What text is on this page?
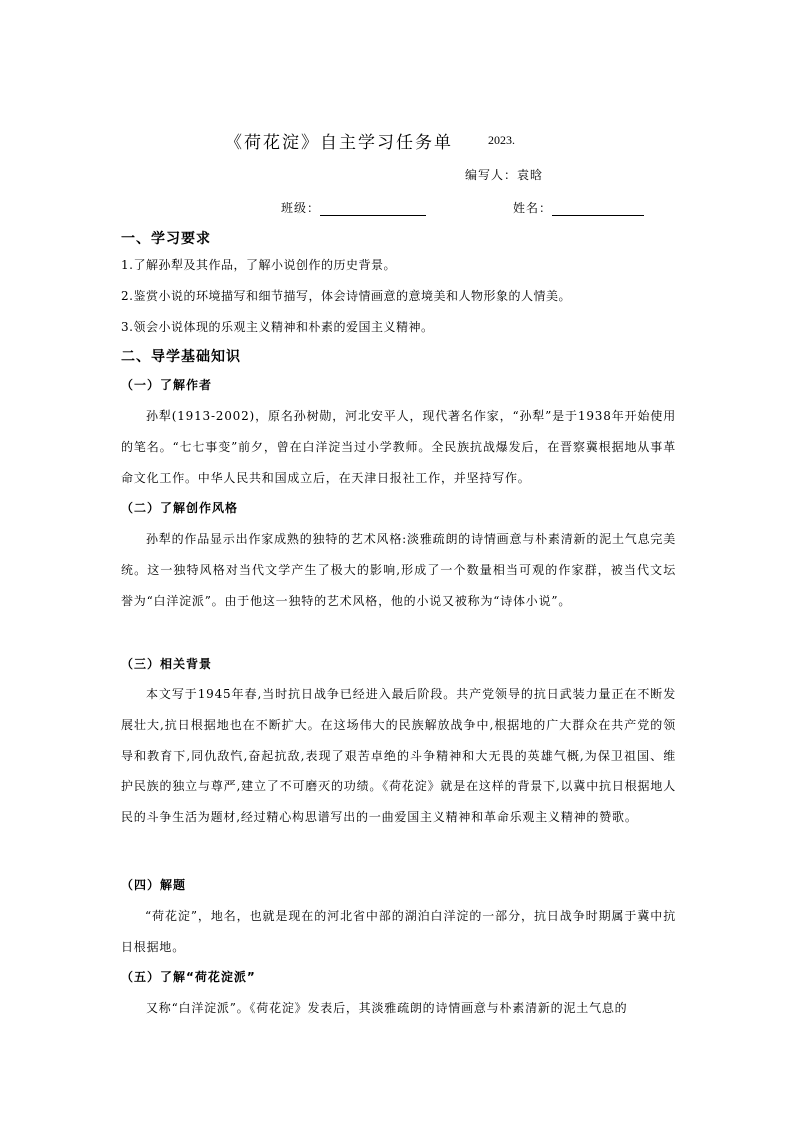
《荷花淀》自主学习任务单	2023.
编写人：袁晗
班级：	姓名：
一、学习要求
1.了解孙犁及其作品，了解小说创作的历史背景。
2.鉴赏小说的环境描写和细节描写，体会诗情画意的意境美和人物形象的人情美。
3.领会小说体现的乐观主义精神和朴素的爱国主义精神。
二、导学基础知识
（一）了解作者
孙犁(1913-2002)，原名孙树勋，河北安平人，现代著名作家，“孙犁”是于1938年开始使用的笔名。“七七事变”前夕，曾在白洋淀当过小学教师。全民族抗战爆发后，在晋察冀根据地从事革命文化工作。中华人民共和国成立后，在天津日报社工作，并坚持写作。
（二）了解创作风格
孙犁的作品显示出作家成熟的独特的艺术风格:淡雅疏朗的诗情画意与朴素清新的泥土气息完美统。这一独特风格对当代文学产生了极大的影响,形成了一个数量相当可观的作家群，被当代文坛誉为“白洋淀派”。由于他这一独特的艺术风格，他的小说又被称为“诗体小说”。
（三）相关背景
本文写于1945年春,当时抗日战争已经进入最后阶段。共产党领导的抗日武装力量正在不断发展壮大,抗日根据地也在不断扩大。在这场伟大的民族解放战争中,根据地的广大群众在共产党的领导和教育下,同仇敌忾,奋起抗敌,表现了艰苦卓绝的斗争精神和大无畏的英雄气概,为保卫祖国、维护民族的独立与尊严,建立了不可磨灭的功绩。《荷花淀》就是在这样的背景下,以冀中抗日根据地人民的斗争生活为题材,经过精心构思谱写出的一曲爱国主义精神和革命乐观主义精神的赞歌。
（四）解题
“荷花淀”，地名，也就是现在的河北省中部的湖泊白洋淀的一部分，抗日战争时期属于冀中抗日根据地。
（五）了解“荷花淀派”
又称“白洋淀派”。《荷花淀》发表后，其淡雅疏朗的诗情画意与朴素清新的泥土气息的
